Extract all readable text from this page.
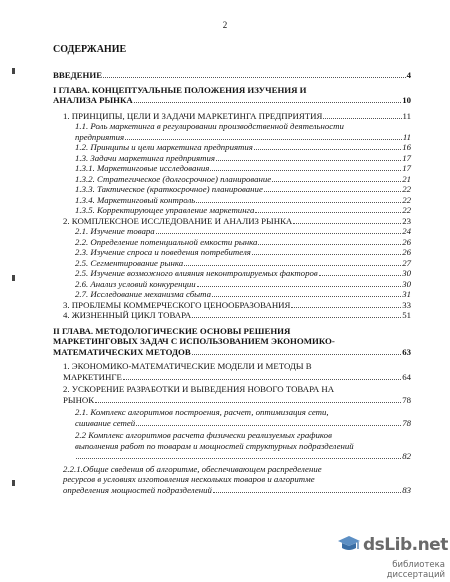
2
СОДЕРЖАНИЕ
ВВЕДЕНИЕ	4
I ГЛАВА. КОНЦЕПТУАЛЬНЫЕ ПОЛОЖЕНИЯ ИЗУЧЕНИЯ И
АНАЛИЗА РЫНКА	10
1. ПРИНЦИПЫ, ЦЕЛИ И ЗАДАЧИ МАРКЕТИНГА ПРЕДПРИЯТИЯ	11
1.1. Роль маркетинга в регулировании производственной деятельности
предприятия	11
1.2. Принципы и цели маркетинга предприятия	16
1.3. Задачи маркетинга предприятия	17
1.3.1. Маркетинговые исследования	17
1.3.2. Стратегическое (долгосрочное) планирование	21
1.3.3. Тактическое (краткосрочное) планирование	22
1.3.4. Маркетинговый контроль	22
1.3.5. Корректирующее управление маркетинга	22
2. КОМПЛЕКСНОЕ ИССЛЕДОВАНИЕ И АНАЛИЗ РЫНКА	23
2.1. Изучение товара	24
2.2. Определение потенциальной емкости рынка	26
2.3. Изучение спроса и поведения потребителя	26
2.5. Сегментирование рынка	27
2.5. Изучение возможного влияния неконтролируемых факторов	30
2.6. Анализ условий конкуренции	30
2.7. Исследование механизма сбыта	31
3. ПРОБЛЕМЫ КОММЕРЧЕСКОГО ЦЕНООБРАЗОВАНИЯ	33
4. ЖИЗНЕННЫЙ ЦИКЛ ТОВАРА	51
II ГЛАВА. МЕТОДОЛОГИЧЕСКИЕ ОСНОВЫ РЕШЕНИЯ
МАРКЕТИНГОВЫХ ЗАДАЧ С ИСПОЛЬЗОВАНИЕМ ЭКОНОМИКО-
МАТЕМАТИЧЕСКИХ МЕТОДОВ	63
1. ЭКОНОМИКО-МАТЕМАТИЧЕСКИЕ МОДЕЛИ И МЕТОДЫ В
МАРКЕТИНГЕ	64
2. УСКОРЕНИЕ РАЗРАБОТКИ И ВЫВЕДЕНИЯ НОВОГО ТОВАРА НА
РЫНОК	78
2.1. Комплекс алгоритмов построения, расчет, оптимизация сети,
сшивание сетей	78
2.2 Комплекс алгоритмов расчета физически реализуемых графиков
выполнения работ по товарам и мощностей структурных подразделений
82
2.2.1.Общие сведения об алгоритме, обеспечивающем распределение
ресурсов в условиях изготовления нескольких товаров и алгоритме
определения мощностей подразделений	83
dsLib.net
библиотека диссертаций
